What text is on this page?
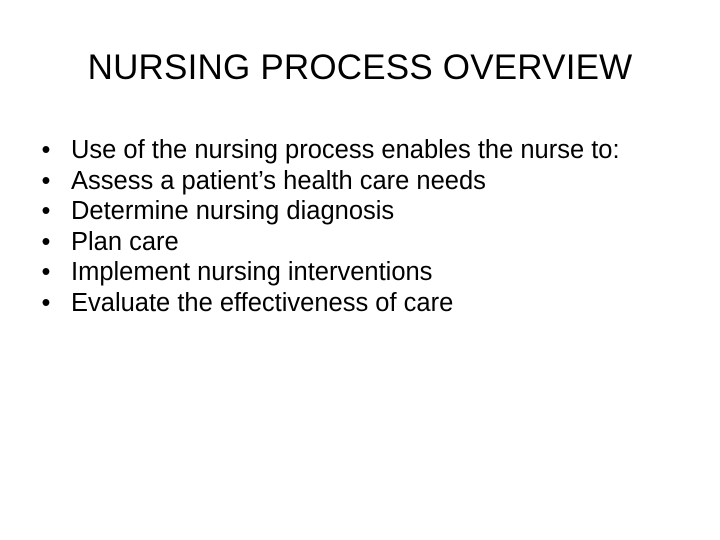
NURSING PROCESS OVERVIEW
• Use of the nursing process enables the nurse to:
• Assess a patient’s health care needs
• Determine nursing diagnosis
• Plan care
• Implement nursing interventions
• Evaluate the effectiveness of care
